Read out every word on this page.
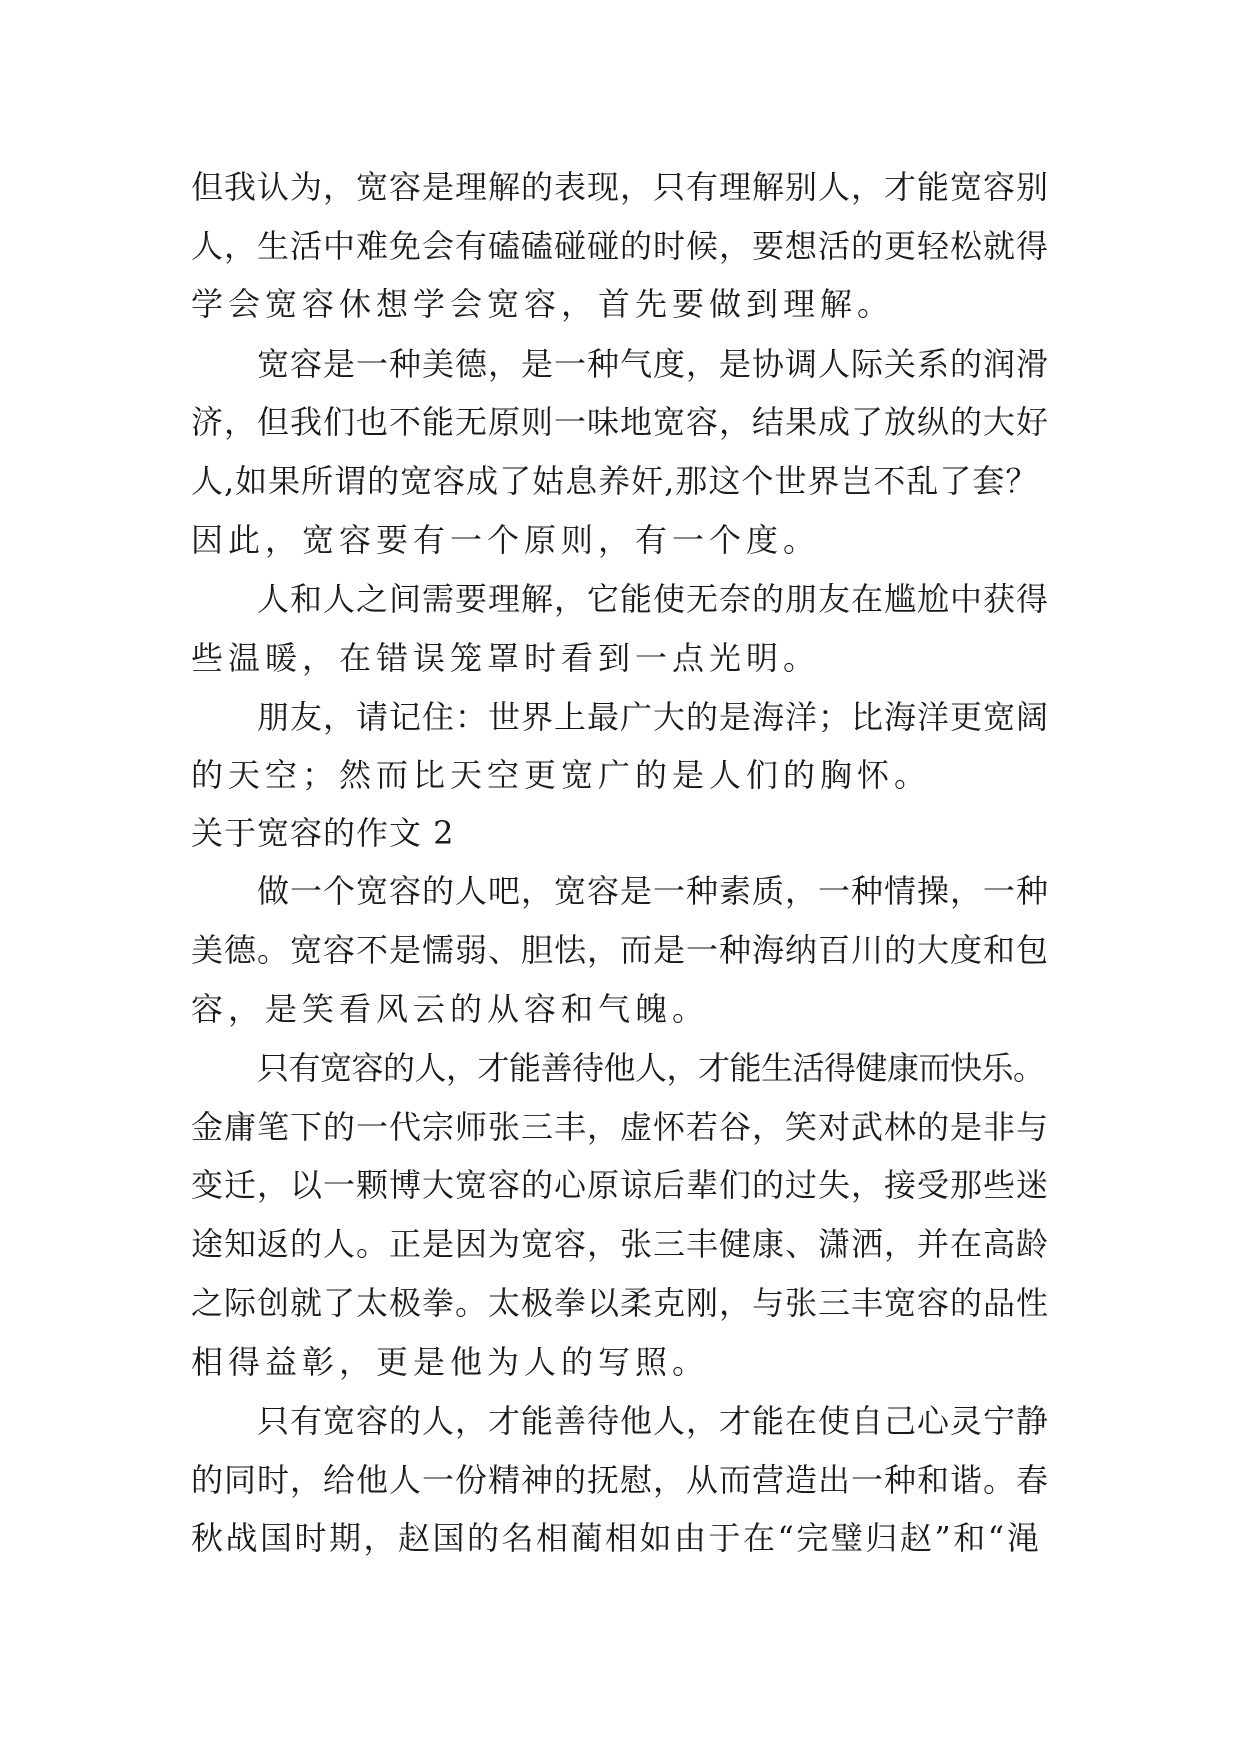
但我认为，宽容是理解的表现，只有理解别人，才能宽容别
人，生活中难免会有磕磕碰碰的时候，要想活的更轻松就得
学会宽容休想学会宽容，首先要做到理解。
宽容是一种美德，是一种气度，是协调人际关系的润滑
济，但我们也不能无原则一味地宽容，结果成了放纵的大好
人,如果所谓的宽容成了姑息养奸,那这个世界岂不乱了套？
因此，宽容要有一个原则，有一个度。
人和人之间需要理解，它能使无奈的朋友在尴尬中获得
些温暖，在错误笼罩时看到一点光明。
朋友，请记住：世界上最广大的是海洋；比海洋更宽阔
的天空；然而比天空更宽广的是人们的胸怀。
关于宽容的作文 2
做一个宽容的人吧，宽容是一种素质，一种情操，一种
美德。宽容不是懦弱、胆怯，而是一种海纳百川的大度和包
容，是笑看风云的从容和气魄。
只有宽容的人，才能善待他人，才能生活得健康而快乐。
金庸笔下的一代宗师张三丰，虚怀若谷，笑对武林的是非与
变迁，以一颗博大宽容的心原谅后辈们的过失，接受那些迷
途知返的人。正是因为宽容，张三丰健康、潇洒，并在高龄
之际创就了太极拳。太极拳以柔克刚，与张三丰宽容的品性
相得益彰，更是他为人的写照。
只有宽容的人，才能善待他人，才能在使自己心灵宁静
的同时，给他人一份精神的抚慰，从而营造出一种和谐。春
秋战国时期，赵国的名相蔺相如由于在“完璧归赵”和“渑
